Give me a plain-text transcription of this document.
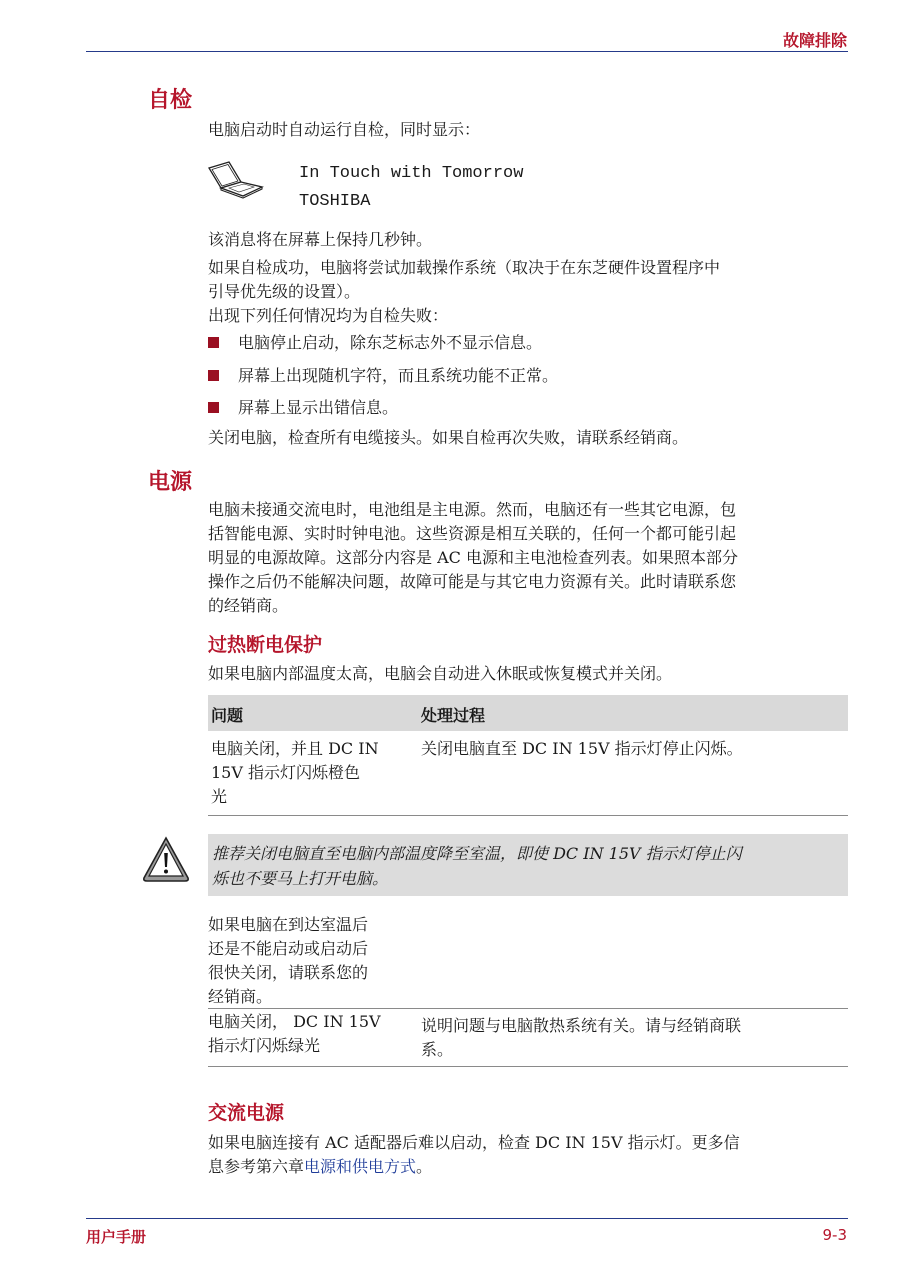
故障排除
自检
电脑启动时自动运行自检，同时显示：
In Touch with Tomorrow
TOSHIBA
该消息将在屏幕上保持几秒钟。
如果自检成功，电脑将尝试加载操作系统（取决于在东芝硬件设置程序中
引导优先级的设置）。
出现下列任何情况均为自检失败：
电脑停止启动，除东芝标志外不显示信息。
屏幕上出现随机字符，而且系统功能不正常。
屏幕上显示出错信息。
关闭电脑，检查所有电缆接头。如果自检再次失败，请联系经销商。
电源
电脑未接通交流电时，电池组是主电源。然而，电脑还有一些其它电源，包
括智能电源、实时时钟电池。这些资源是相互关联的，任何一个都可能引起
明显的电源故障。这部分内容是 AC 电源和主电池检查列表。如果照本部分
操作之后仍不能解决问题，故障可能是与其它电力资源有关。此时请联系您
的经销商。
过热断电保护
如果电脑内部温度太高，电脑会自动进入休眠或恢复模式并关闭。
问题	处理过程
电脑关闭，并且 DC IN
15V 指示灯闪烁橙色
光
关闭电脑直至 DC IN 15V 指示灯停止闪烁。
推荐关闭电脑直至电脑内部温度降至室温，即使 DC IN 15V 指示灯停止闪
烁也不要马上打开电脑。
如果电脑在到达室温后
还是不能启动或启动后
很快关闭，请联系您的
经销商。
电脑关闭， DC IN 15V
指示灯闪烁绿光
说明问题与电脑散热系统有关。请与经销商联
系。
交流电源
如果电脑连接有 AC 适配器后难以启动，检查 DC IN 15V 指示灯。更多信
息参考第六章电源和供电方式。
用户手册	9-3
